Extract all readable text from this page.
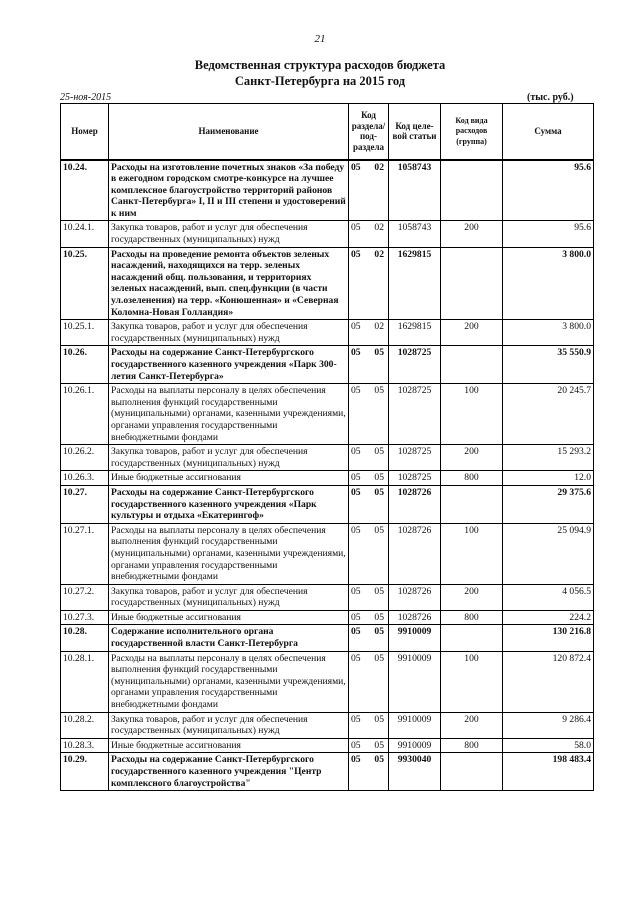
21
Ведомственная структура расходов бюджета
Санкт-Петербурга на 2015 год
25-ноя-2015	(тыс. руб.)
Номер	Наименование	Код раздела/ под- раздела	Код целе- вой статьи	Код вида расходов (группа)	Сумма
10.24.	Расходы на изготовление почетных знаков «За победу в ежегодном городском смотре-конкурсе на лучшее комплексное благоустройство территорий районов Санкт-Петербурга» I, II и III степени и удостоверений к ним	05 02	1058743		95.6
10.24.1.	Закупка товаров, работ и услуг для обеспечения государственных (муниципальных) нужд	05 02	1058743	200	95.6
10.25.	Расходы на проведение ремонта объектов зеленых насаждений, находящихся на терр. зеленых насаждений общ. пользования, и территориях зеленых насаждений, вып. спец.функции (в части ул.озеленения) на терр. «Конюшенная» и «Северная Коломна-Новая Голландия»	05 02	1629815		3 800.0
10.25.1.	Закупка товаров, работ и услуг для обеспечения государственных (муниципальных) нужд	05 02	1629815	200	3 800.0
10.26.	Расходы на содержание Санкт-Петербургского государственного казенного учреждения «Парк 300-летия Санкт-Петербурга»	05 05	1028725		35 550.9
10.26.1.	Расходы на выплаты персоналу в целях обеспечения выполнения функций государственными (муниципальными) органами, казенными учреждениями, органами управления государственными внебюджетными фондами	05 05	1028725	100	20 245.7
10.26.2.	Закупка товаров, работ и услуг для обеспечения государственных (муниципальных) нужд	05 05	1028725	200	15 293.2
10.26.3.	Иные бюджетные ассигнования	05 05	1028725	800	12.0
10.27.	Расходы на содержание Санкт-Петербургского государственного казенного учреждения «Парк культуры и отдыха «Екатерингоф»	05 05	1028726		29 375.6
10.27.1.	Расходы на выплаты персоналу в целях обеспечения выполнения функций государственными (муниципальными) органами, казенными учреждениями, органами управления государственными внебюджетными фондами	05 05	1028726	100	25 094.9
10.27.2.	Закупка товаров, работ и услуг для обеспечения государственных (муниципальных) нужд	05 05	1028726	200	4 056.5
10.27.3.	Иные бюджетные ассигнования	05 05	1028726	800	224.2
10.28.	Содержание исполнительного органа государственной власти Санкт-Петербурга	05 05	9910009		130 216.8
10.28.1.	Расходы на выплаты персоналу в целях обеспечения выполнения функций государственными (муниципальными) органами, казенными учреждениями, органами управления государственными внебюджетными фондами	05 05	9910009	100	120 872.4
10.28.2.	Закупка товаров, работ и услуг для обеспечения государственных (муниципальных) нужд	05 05	9910009	200	9 286.4
10.28.3.	Иные бюджетные ассигнования	05 05	9910009	800	58.0
10.29.	Расходы на содержание Санкт-Петербургского государственного казенного учреждения "Центр комплексного благоустройства"	05 05	9930040		198 483.4
